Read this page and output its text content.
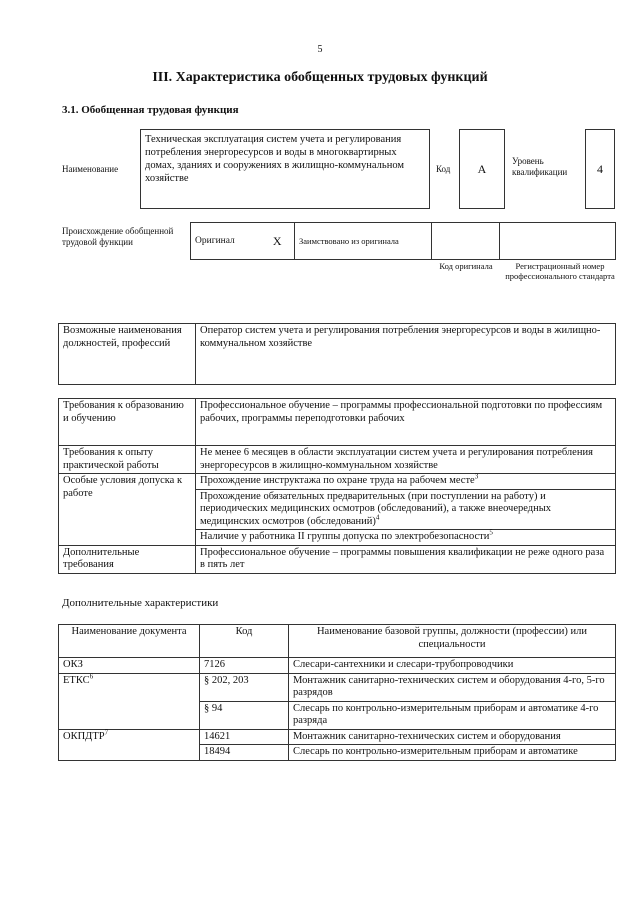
5
III. Характеристика обобщенных трудовых функций
3.1. Обобщенная трудовая функция
Наименование
Техническая эксплуатация систем учета и регулирования потребления энергоресурсов и воды в многоквартирных домах, зданиях и сооружениях в жилищно-коммунальном хозяйстве
Код	A
Уровень квалификации	4
Происхождение обобщенной трудовой функции	Оригинал	X	Заимствовано из оригинала		
Код оригинала	Регистрационный номер профессионального стандарта
Возможные наименования должностей, профессий	Оператор систем учета и регулирования потребления энергоресурсов и воды в жилищно-коммунальном хозяйстве
Требования к образованию и обучению	Профессиональное обучение – программы профессиональной подготовки по профессиям рабочих, программы переподготовки рабочих
Требования к опыту практической работы	Не менее 6 месяцев в области эксплуатации систем учета и регулирования потребления энергоресурсов в жилищно-коммунальном хозяйстве
Особые условия допуска к работе	Прохождение инструктажа по охране труда на рабочем месте$^3$
	Прохождение обязательных предварительных (при поступлении на работу) и периодических медицинских осмотров (обследований), а также внеочередных медицинских осмотров (обследований)$^4$
	Наличие у работника II группы допуска по электробезопасности$^5$
Дополнительные требования	Профессиональное обучение – программы повышения квалификации не реже одного раза в пять лет
Дополнительные характеристики
Наименование документа	Код	Наименование базовой группы, должности (профессии) или специальности
ОКЗ	7126	Слесари-сантехники и слесари-трубопроводчики
ЕТКС$^6$	§ 202, 203	Монтажник санитарно-технических систем и оборудования 4-го, 5-го разрядов
	§ 94	Слесарь по контрольно-измерительным приборам и автоматике 4-го разряда
ОКПДТР$^7$	14621	Монтажник санитарно-технических систем и оборудования
	18494	Слесарь по контрольно-измерительным приборам и автоматике
